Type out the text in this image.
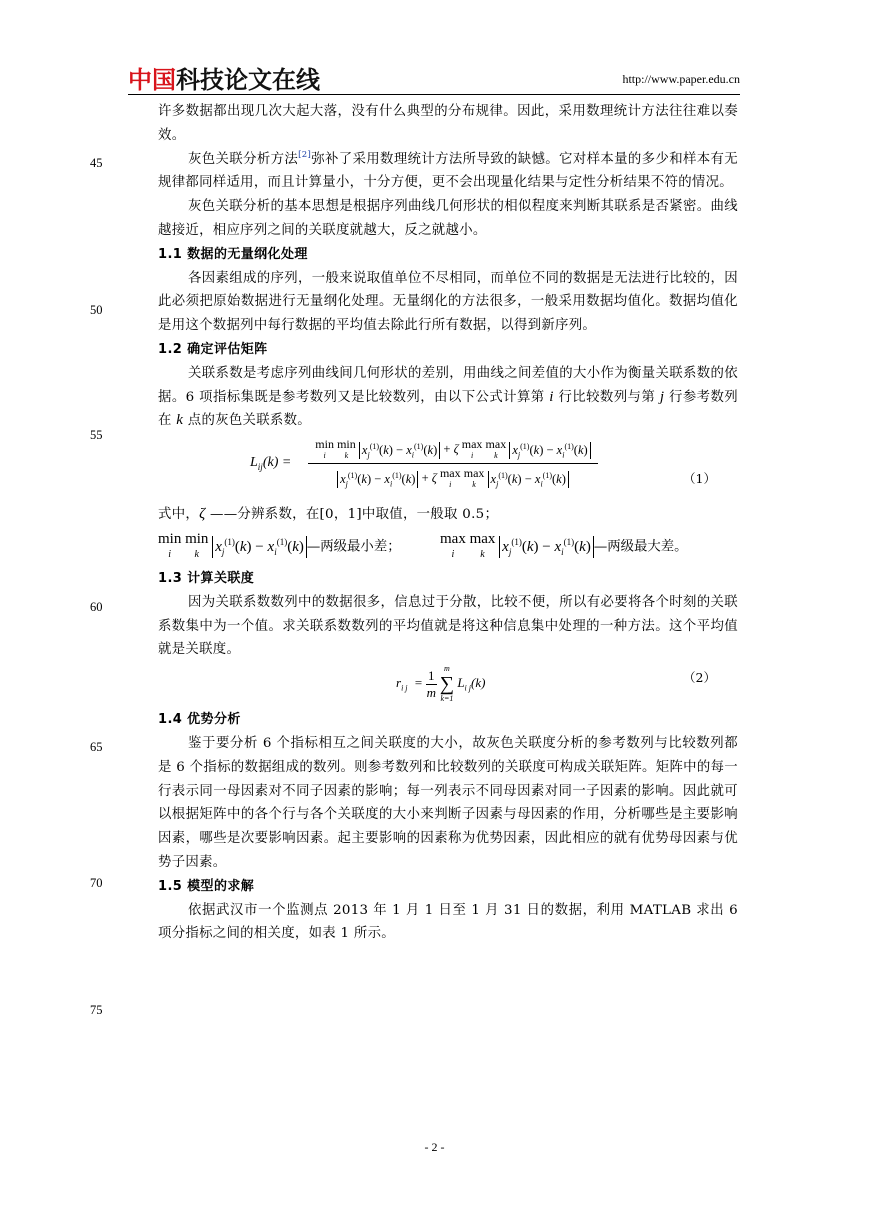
中国科技论文在线	http://www.paper.edu.cn
45
50
55
60
65
70
75

许多数据都出现几次大起大落，没有什么典型的分布规律。因此，采用数理统计方法往往难以奏效。

灰色关联分析方法[2]弥补了采用数理统计方法所导致的缺憾。它对样本量的多少和样本有无规律都同样适用，而且计算量小，十分方便，更不会出现量化结果与定性分析结果不符的情况。

灰色关联分析的基本思想是根据序列曲线几何形状的相似程度来判断其联系是否紧密。曲线越接近，相应序列之间的关联度就越大，反之就越小。

1.1 数据的无量纲化处理

各因素组成的序列，一般来说取值单位不尽相同，而单位不同的数据是无法进行比较的，因此必须把原始数据进行无量纲化处理。无量纲化的方法很多，一般采用数据均值化。数据均值化是用这个数据列中每行数据的平均值去除此行所有数据，以得到新序列。

1.2 确定评估矩阵

关联系数是考虑序列曲线间几何形状的差别，用曲线之间差值的大小作为衡量关联系数的依据。6 项指标集既是参考数列又是比较数列，由以下公式计算第 i 行比较数列与第 j 行参考数列在 k 点的灰色关联系数。

$L_{ij}(k)$ =
min
i
min
k	$x_j^{(1)}(k) - x_i^{(1)}(k) + \zeta$ max
i
max
k	$x_j^{(1)}(k) - x_i^{(1)}(k)$
$x_j^{(1)}(k) - x_i^{(1)}(k) + \zeta$ max
i
max
k	$x_j^{(1)}(k) - x_i^{(1)}(k)$	（1）

式中，ζ ——分辨系数，在[0，1]中取值，一般取 0.5；

min
i
min
k	$x_j^{(1)}(k) - x_i^{(1)}(k)$ —两级最小差；	max
i
max
k	$x_j^{(1)}(k) - x_i^{(1)}(k)$ —两级最大差。
1.3 计算关联度

因为关联系数数列中的数据很多，信息过于分散，比较不便，所以有必要将各个时刻的关联系数集中为一个值。求关联系数数列的平均值就是将这种信息集中处理的一种方法。这个平均值就是关联度。

$r_{i j} = \frac{1}{m}$
m
∑
k=1
$L_{i j}(k)$	（2）
1.4 优势分析

鉴于要分析 6 个指标相互之间关联度的大小，故灰色关联度分析的参考数列与比较数列都是 6 个指标的数据组成的数列。则参考数列和比较数列的关联度可构成关联矩阵。矩阵中的每一行表示同一母因素对不同子因素的影响；每一列表示不同母因素对同一子因素的影响。因此就可以根据矩阵中的各个行与各个关联度的大小来判断子因素与母因素的作用，分析哪些是主要影响因素，哪些是次要影响因素。起主要影响的因素称为优势因素，因此相应的就有优势母因素与优势子因素。

1.5 模型的求解

依据武汉市一个监测点 2013 年 1 月 1 日至 1 月 31 日的数据，利用 MATLAB 求出 6 项分指标之间的相关度，如表 1 所示。

- 2 -
